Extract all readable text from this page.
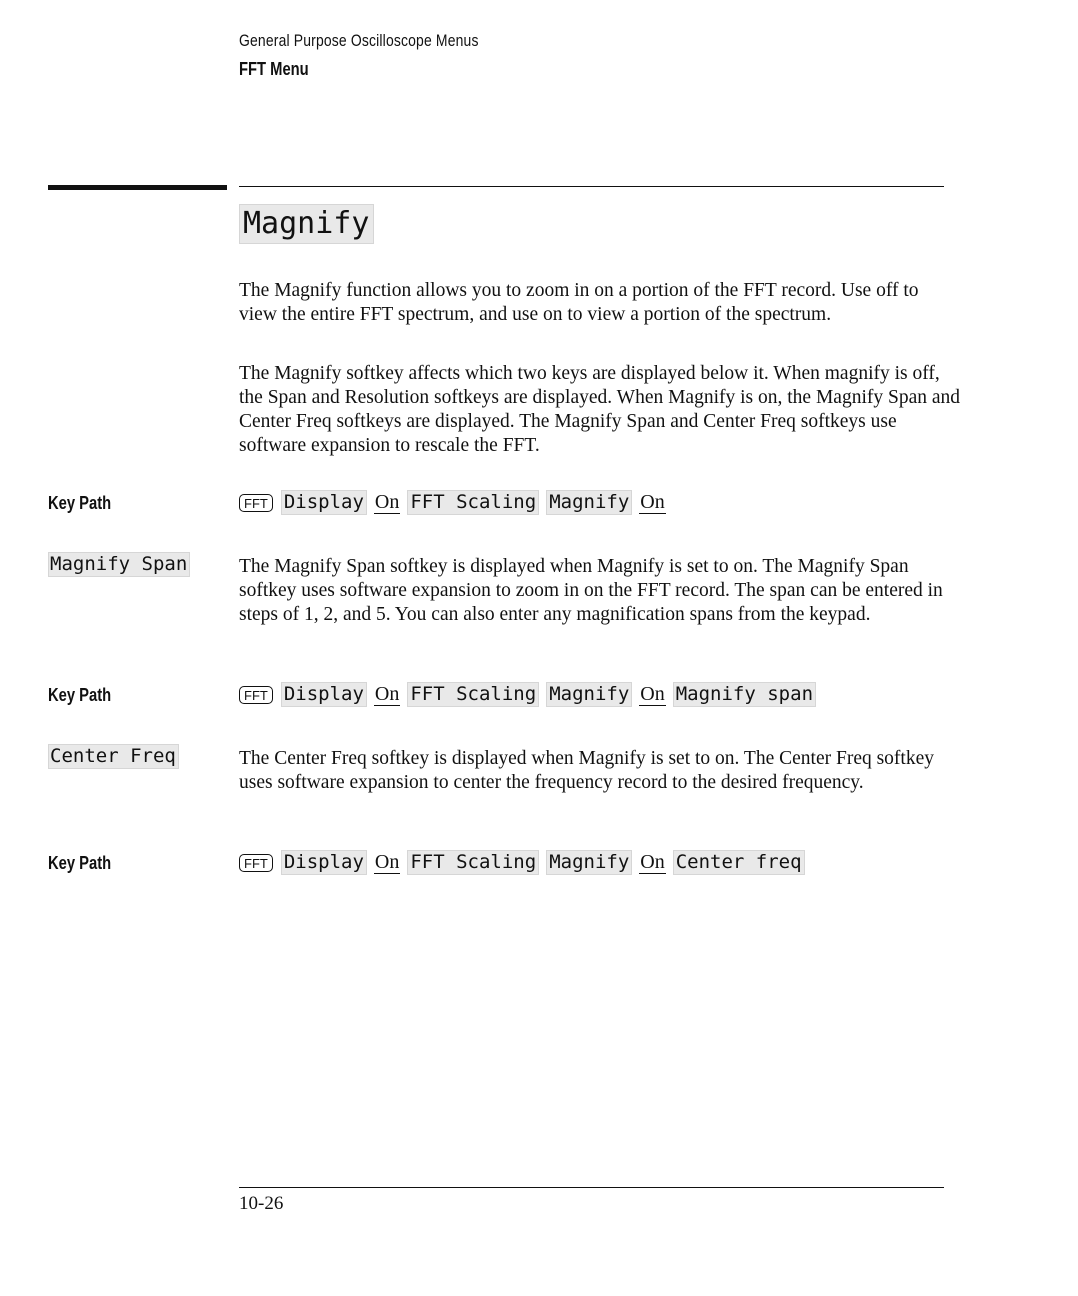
General Purpose Oscilloscope Menus
FFT Menu
Magnify

The Magnify function allows you to zoom in on a portion of the FFT record. Use off to view the entire FFT spectrum, and use on to view a portion of the spectrum.

The Magnify softkey affects which two keys are displayed below it. When magnify is off, the Span and Resolution softkeys are displayed. When Magnify is on, the Magnify Span and Center Freq softkeys are displayed. The Magnify Span and Center Freq softkeys use software expansion to rescale the FFT.

Key Path	FFT Display On FFT Scaling Magnify On
Magnify Span	The Magnify Span softkey is displayed when Magnify is set to on. The Magnify Span softkey uses software expansion to zoom in on the FFT record. The span can be entered in steps of 1, 2, and 5. You can also enter any magnification spans from the keypad.

Key Path	FFT Display On FFT Scaling Magnify On Magnify span
Center Freq	The Center Freq softkey is displayed when Magnify is set to on. The Center Freq softkey uses software expansion to center the frequency record to the desired frequency.

Key Path	FFT Display On FFT Scaling Magnify On Center freq
10-26
